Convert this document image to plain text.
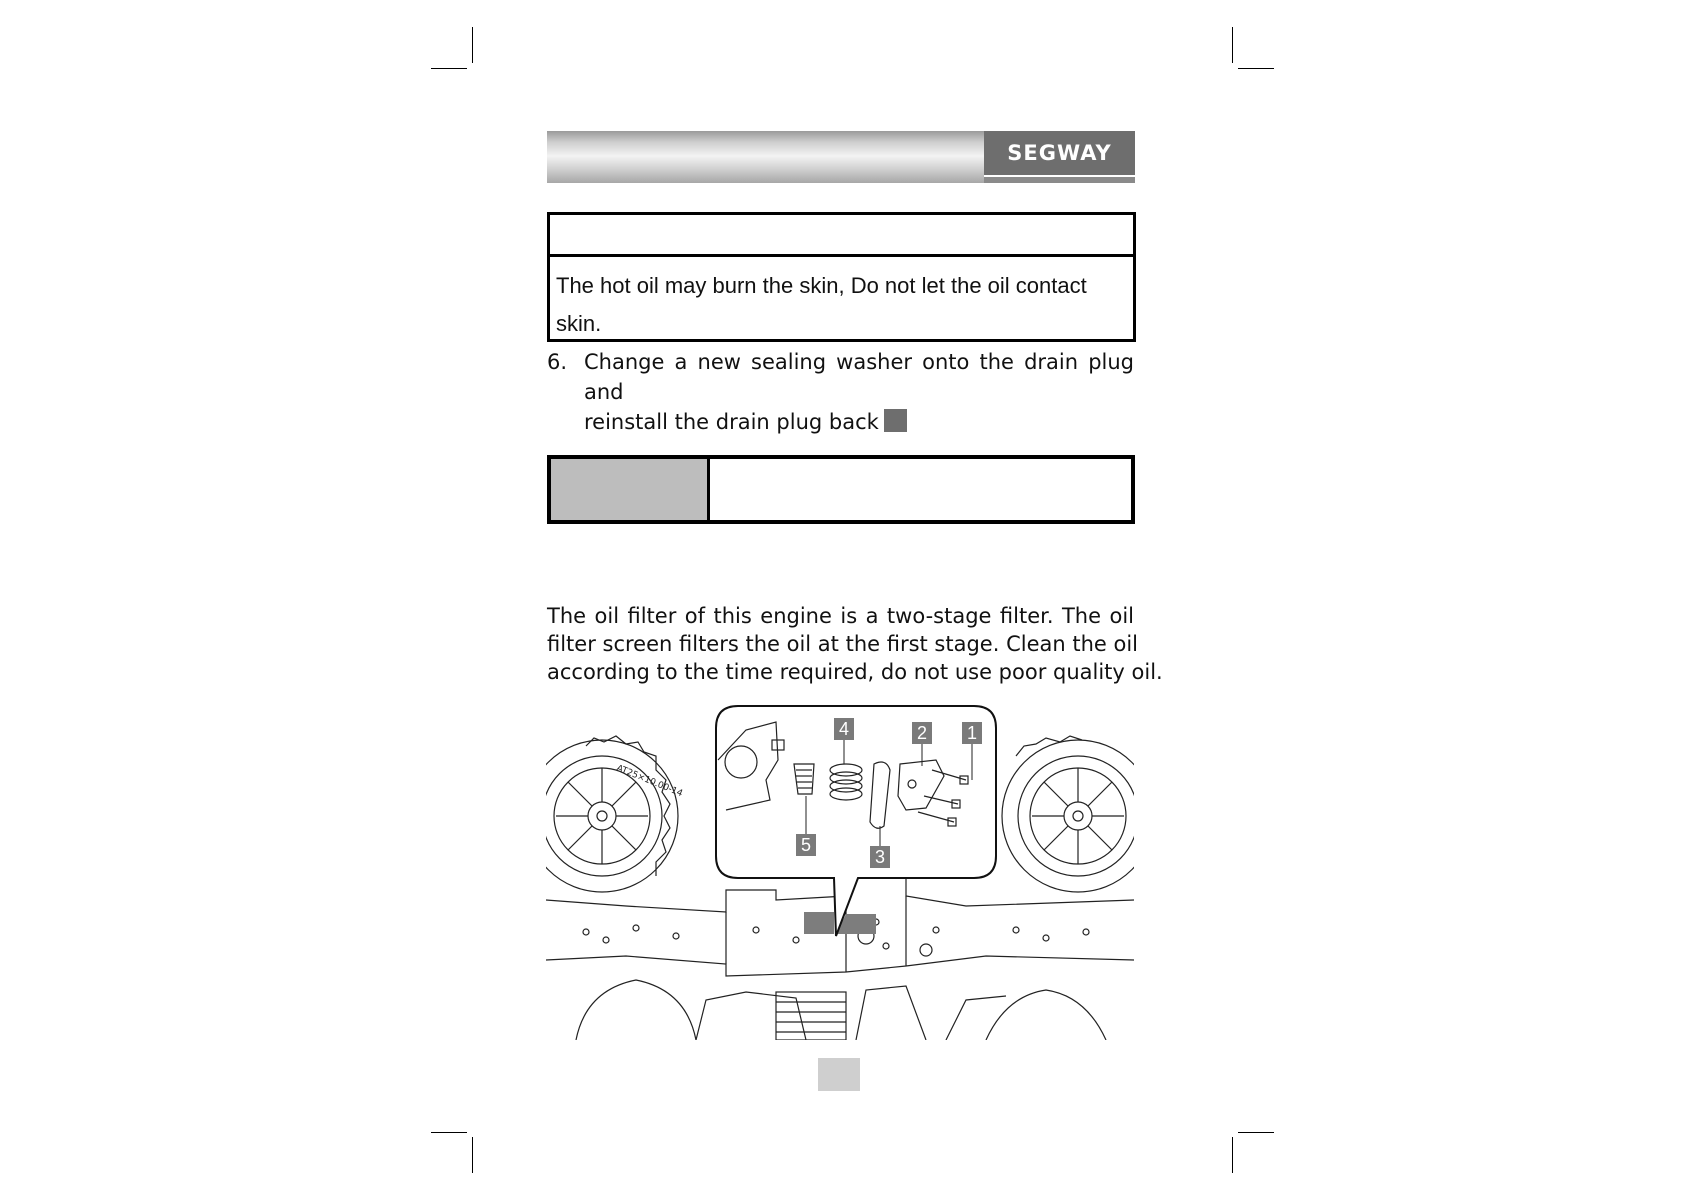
SEGWAY
The hot oil may burn the skin, Do not let the oil contact skin.
6. Change a new sealing washer onto the drain plug and
reinstall the drain plug back
The oil filter of this engine is a two-stage filter. The oil
filter screen filters the oil at the first stage. Clean the oil
according to the time required, do not use poor quality oil.
AT25×10.00-14
1
2
3
4
5
